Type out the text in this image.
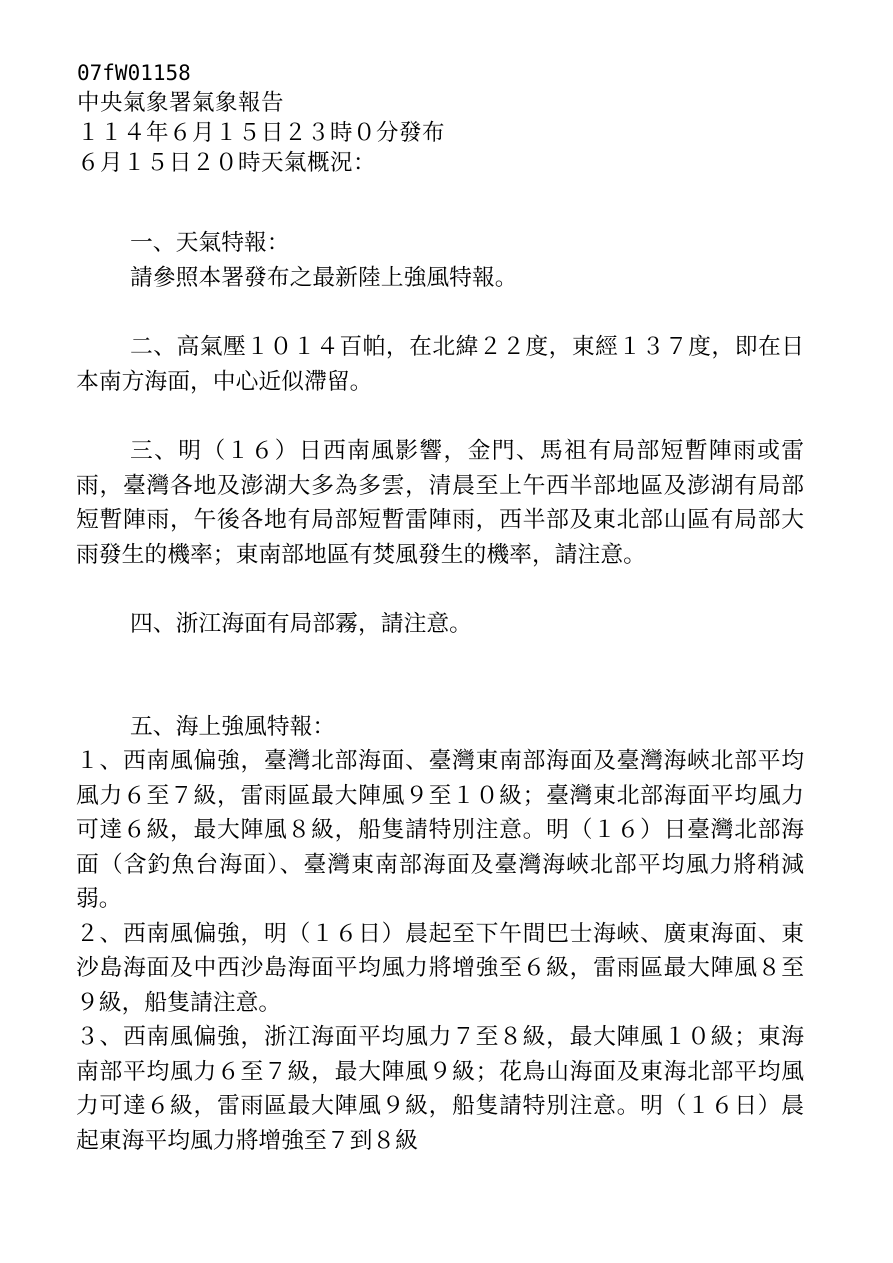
07fW01158
中央氣象署氣象報告
１１４年６月１５日２３時０分發布
６月１５日２０時天氣概況：

一、天氣特報：

請參照本署發布之最新陸上強風特報。

二、高氣壓１０１４百帕，在北緯２２度，東經１３７度，即在日本南方海面，中心近似滯留。

三、明（１６）日西南風影響，金門、馬祖有局部短暫陣雨或雷雨，臺灣各地及澎湖大多為多雲，清晨至上午西半部地區及澎湖有局部短暫陣雨，午後各地有局部短暫雷陣雨，西半部及東北部山區有局部大雨發生的機率；東南部地區有焚風發生的機率，請注意。

四、浙江海面有局部霧，請注意。

五、海上強風特報：

１、西南風偏強，臺灣北部海面、臺灣東南部海面及臺灣海峽北部平均風力６至７級，雷雨區最大陣風９至１０級；臺灣東北部海面平均風力可達６級，最大陣風８級，船隻請特別注意。明（１６）日臺灣北部海面（含釣魚台海面）、臺灣東南部海面及臺灣海峽北部平均風力將稍減弱。

２、西南風偏強，明（１６日）晨起至下午間巴士海峽、廣東海面、東沙島海面及中西沙島海面平均風力將增強至６級，雷雨區最大陣風８至９級，船隻請注意。

３、西南風偏強，浙江海面平均風力７至８級，最大陣風１０級；東海南部平均風力６至７級，最大陣風９級；花鳥山海面及東海北部平均風力可達６級，雷雨區最大陣風９級，船隻請特別注意。明（１６日）晨起東海平均風力將增強至７到８級
